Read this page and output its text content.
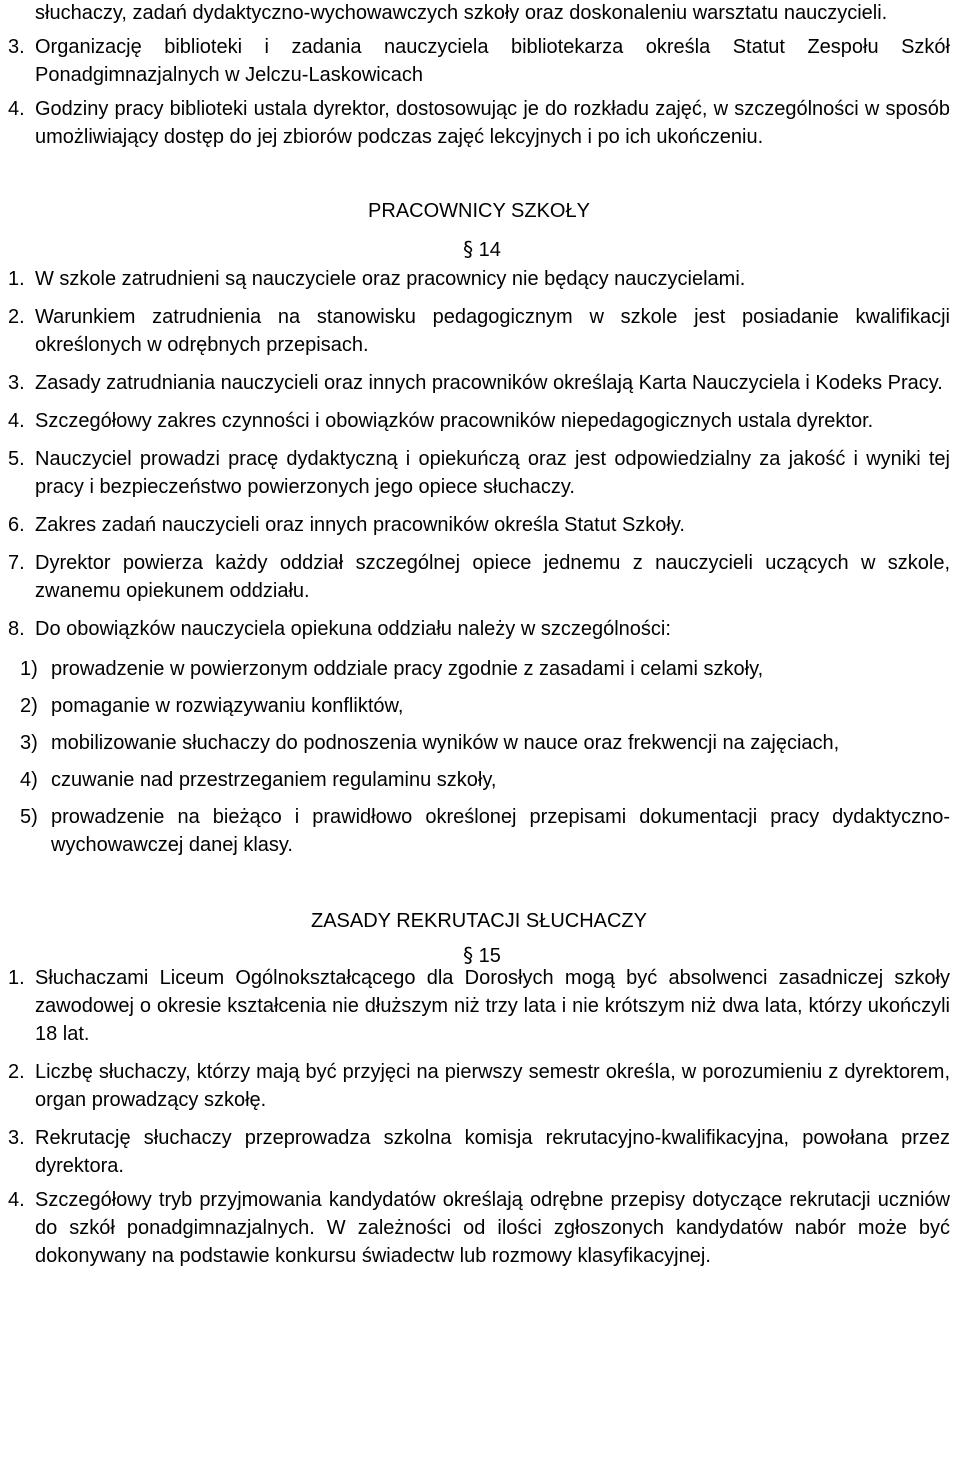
słuchaczy, zadań dydaktyczno-wychowawczych szkoły oraz doskonaleniu warsztatu nauczycieli.
3. Organizację biblioteki i zadania nauczyciela bibliotekarza określa Statut Zespołu Szkół Ponadgimnazjalnych w Jelczu-Laskowicach
4. Godziny pracy biblioteki ustala dyrektor, dostosowując je do rozkładu zajęć, w szczególności w sposób umożliwiający dostęp do jej zbiorów podczas zajęć lekcyjnych i po ich ukończeniu.
PRACOWNICY SZKOŁY
§ 14
1. W szkole zatrudnieni są nauczyciele oraz pracownicy nie będący nauczycielami.
2. Warunkiem zatrudnienia na stanowisku pedagogicznym w szkole jest posiadanie kwalifikacji określonych w odrębnych przepisach.
3. Zasady zatrudniania nauczycieli oraz innych pracowników określają Karta Nauczyciela i Kodeks Pracy.
4. Szczegółowy zakres czynności i obowiązków pracowników niepedagogicznych ustala dyrektor.
5. Nauczyciel prowadzi pracę dydaktyczną i opiekuńczą oraz jest odpowiedzialny za jakość i wyniki tej pracy i bezpieczeństwo powierzonych jego opiece słuchaczy.
6. Zakres zadań nauczycieli oraz innych pracowników określa Statut Szkoły.
7. Dyrektor powierza każdy oddział szczególnej opiece jednemu z nauczycieli uczących w szkole, zwanemu opiekunem oddziału.
8. Do obowiązków nauczyciela opiekuna oddziału należy w szczególności:
1) prowadzenie w powierzonym oddziale pracy zgodnie z zasadami i celami szkoły,
2) pomaganie w rozwiązywaniu konfliktów,
3) mobilizowanie słuchaczy do podnoszenia wyników w nauce oraz frekwencji na zajęciach,
4) czuwanie nad przestrzeganiem regulaminu szkoły,
5) prowadzenie na bieżąco i prawidłowo określonej przepisami dokumentacji pracy dydaktyczno-wychowawczej danej klasy.
ZASADY REKRUTACJI SŁUCHACZY
§ 15
1. Słuchaczami Liceum Ogólnokształcącego dla Dorosłych mogą być absolwenci zasadniczej szkoły zawodowej o okresie kształcenia nie dłuższym niż trzy lata i nie krótszym niż dwa lata, którzy ukończyli 18 lat.
2. Liczbę słuchaczy, którzy mają być przyjęci na pierwszy semestr określa, w porozumieniu z dyrektorem, organ prowadzący szkołę.
3. Rekrutację słuchaczy przeprowadza szkolna komisja rekrutacyjno-kwalifikacyjna, powołana przez dyrektora.
4. Szczegółowy tryb przyjmowania kandydatów określają odrębne przepisy dotyczące rekrutacji uczniów do szkół ponadgimnazjalnych. W zależności od ilości zgłoszonych kandydatów nabór może być dokonywany na podstawie konkursu świadectw lub rozmowy klasyfikacyjnej.
